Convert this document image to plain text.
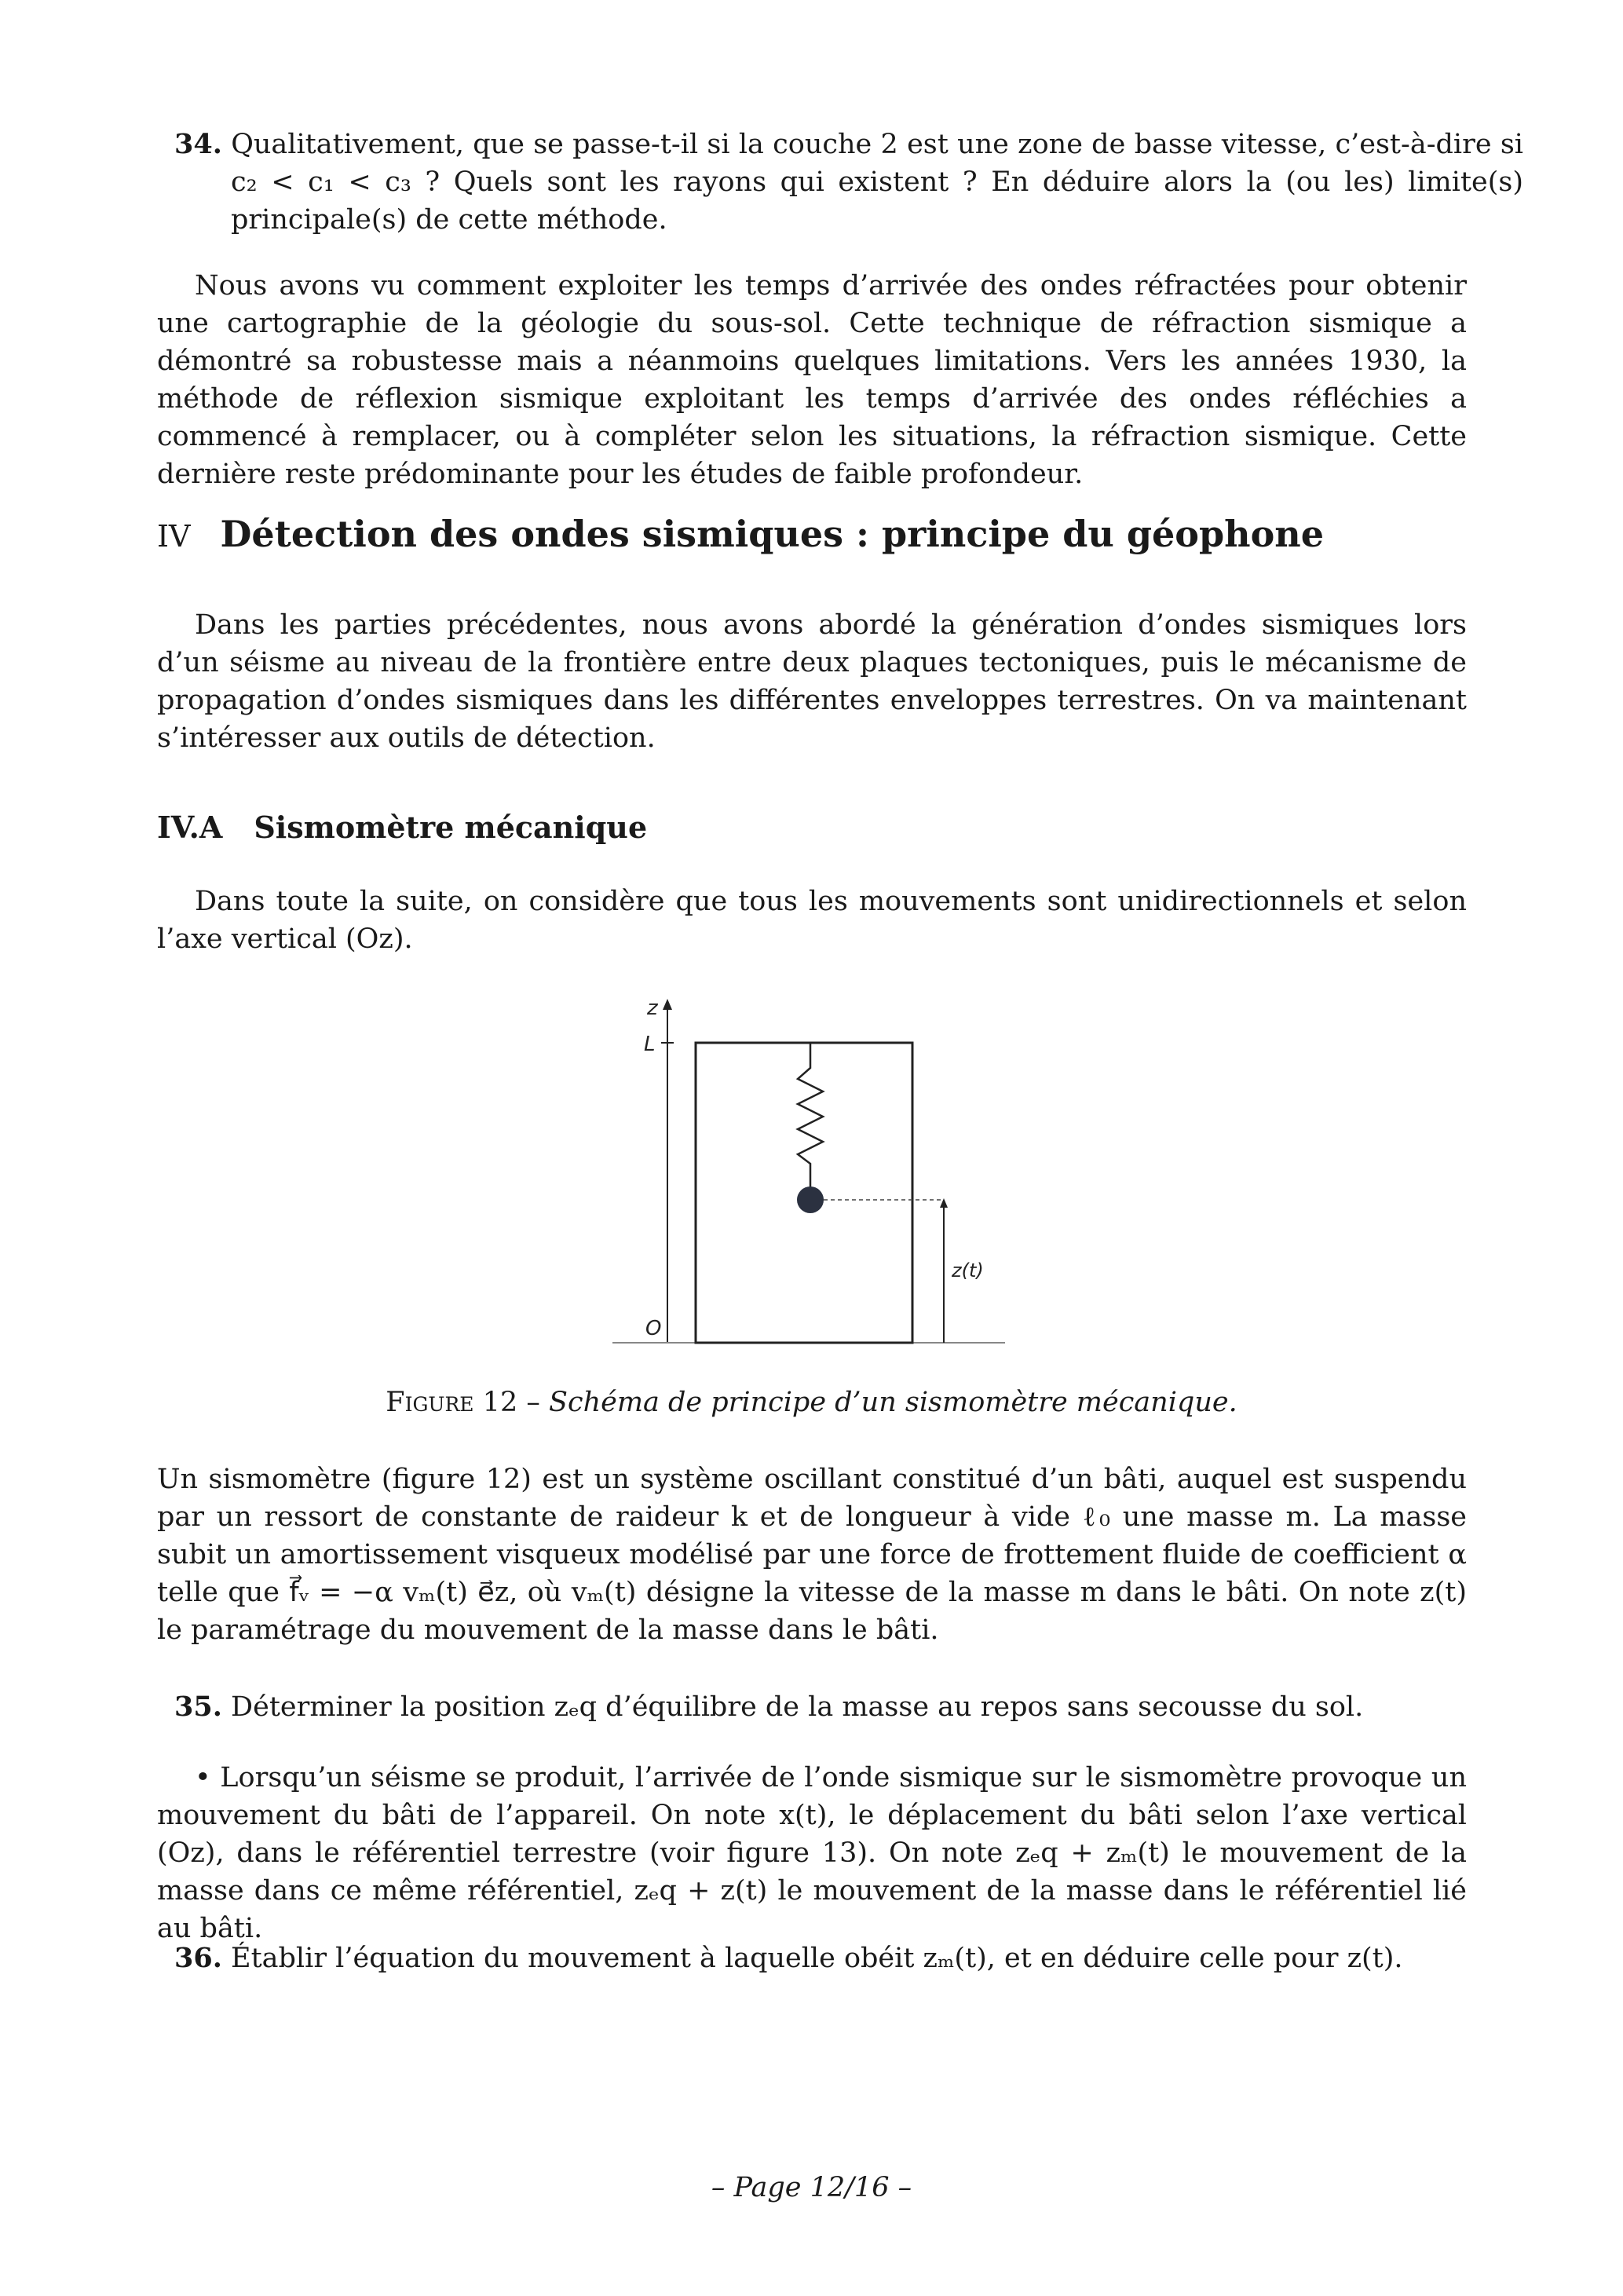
34. Qualitativement, que se passe-t-il si la couche 2 est une zone de basse vitesse, c’est-à-dire si c₂ < c₁ < c₃ ? Quels sont les rayons qui existent ? En déduire alors la (ou les) limite(s) principale(s) de cette méthode.
Nous avons vu comment exploiter les temps d’arrivée des ondes réfractées pour obtenir une cartographie de la géologie du sous-sol. Cette technique de réfraction sismique a démontré sa robustesse mais a néanmoins quelques limitations. Vers les années 1930, la méthode de réflexion sismique exploitant les temps d’arrivée des ondes réfléchies a commencé à remplacer, ou à compléter selon les situations, la réfraction sismique. Cette dernière reste prédominante pour les études de faible profondeur.
IV Détection des ondes sismiques : principe du géophone
Dans les parties précédentes, nous avons abordé la génération d’ondes sismiques lors d’un séisme au niveau de la frontière entre deux plaques tectoniques, puis le mécanisme de propagation d’ondes sismiques dans les différentes enveloppes terrestres. On va maintenant s’intéresser aux outils de détection.
IV.A Sismomètre mécanique
Dans toute la suite, on considère que tous les mouvements sont unidirectionnels et selon l’axe vertical (Oz).
z
L
O
z(t)
Figure 12 – Schéma de principe d’un sismomètre mécanique.
Un sismomètre (figure 12) est un système oscillant constitué d’un bâti, auquel est suspendu par un ressort de constante de raideur k et de longueur à vide ℓ₀ une masse m. La masse subit un amortissement visqueux modélisé par une force de frottement fluide de coefficient α telle que f⃗ᵥ = −α vₘ(t) e⃗z, où vₘ(t) désigne la vitesse de la masse m dans le bâti. On note z(t) le paramétrage du mouvement de la masse dans le bâti.
35. Déterminer la position zₑq d’équilibre de la masse au repos sans secousse du sol.
• Lorsqu’un séisme se produit, l’arrivée de l’onde sismique sur le sismomètre provoque un mouvement du bâti de l’appareil. On note x(t), le déplacement du bâti selon l’axe vertical (Oz), dans le référentiel terrestre (voir figure 13). On note zₑq + zₘ(t) le mouvement de la masse dans ce même référentiel, zₑq + z(t) le mouvement de la masse dans le référentiel lié au bâti.
36. Établir l’équation du mouvement à laquelle obéit zₘ(t), et en déduire celle pour z(t).
– Page 12/16 –
